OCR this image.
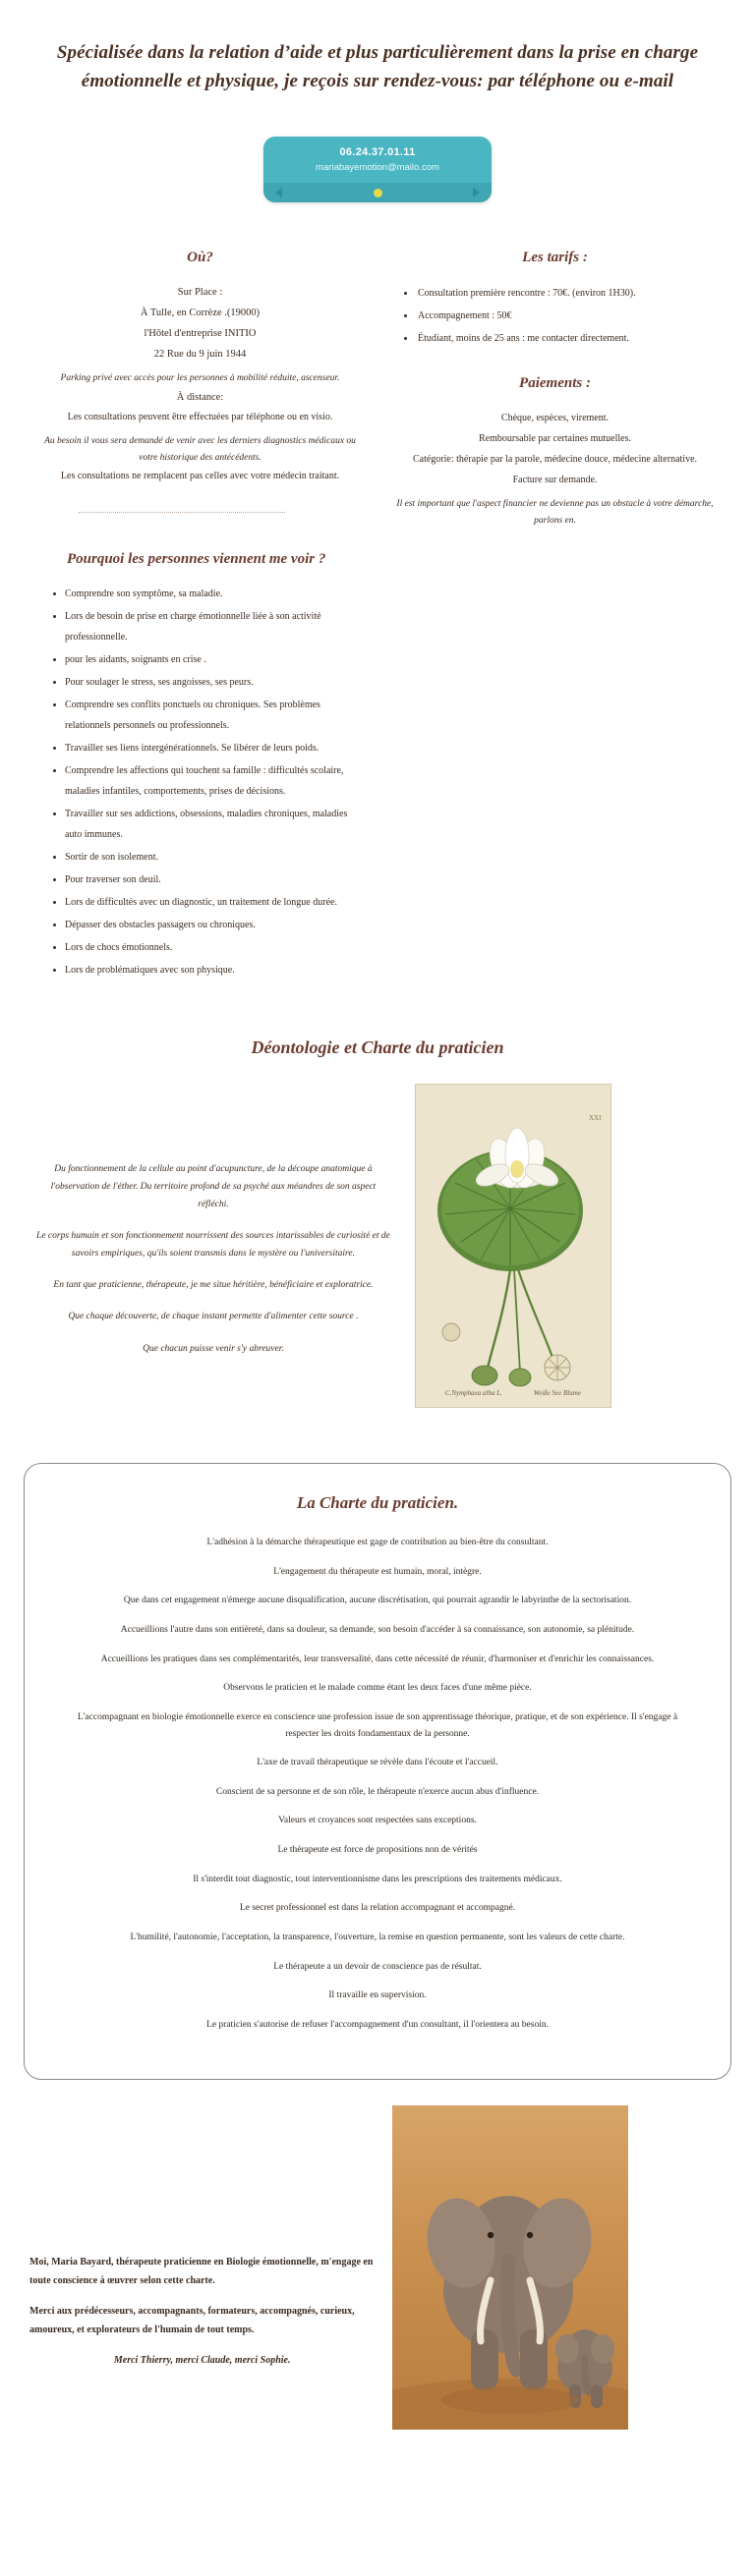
Spécialisée dans la relation d’aide et plus particulièrement dans la prise en charge émotionnelle et physique, je reçois sur rendez-vous: par téléphone ou e-mail
06.24.37.01.11
mariabayemotion@mailo.com
Où?
Sur Place :
À Tulle, en Corrèze .(19000)
l'Hôtel d'entreprise INITIO
22 Rue du 9 juin 1944
Parking privé avec accès pour les personnes à mobilité réduite, ascenseur.
À distance:
Les consultations peuvent être effectuées par téléphone ou en visio.
Au besoin il vous sera demandé de venir avec les derniers diagnostics médicaux ou votre historique des antécédents.
Les consultations ne remplacent pas celles avec votre médecin traitant.
Les tarifs :
• Consultation première rencontre : 70€. (environ 1H30).
• Accompagnement : 50€
• Étudiant, moins de 25 ans : me contacter directement.
Paiements :
Chèque, espèces, virement.
Remboursable par certaines mutuelles.
Catégorie: thérapie par la parole, médecine douce, médecine alternative.
Facture sur demande.
Il est important que l'aspect financier ne devienne pas un obstacle à votre démarche, parlons en.
Pourquoi les personnes viennent me voir ?
• Comprendre son symptôme, sa maladie.
• Lors de besoin de prise en charge émotionnelle liée à son activité professionnelle.
• pour les aidants, soignants en crise .
• Pour soulager le stress, ses angoisses, ses peurs.
• Comprendre ses conflits ponctuels ou chroniques. Ses problèmes relationnels personnels ou professionnels.
• Travailler ses liens intergénérationnels. Se libérer de leurs poids.
• Comprendre les affections qui touchent sa famille : difficultés scolaire, maladies infantiles, comportements, prises de décisions.
• Travailler sur ses addictions, obsessions, maladies chroniques, maladies auto immunes.
• Sortir de son isolement.
• Pour traverser son deuil.
• Lors de difficultés avec un diagnostic, un traitement de longue durée.
• Dépasser des obstacles passagers ou chroniques.
• Lors de chocs émotionnels.
• Lors de problématiques avec son physique.
Déontologie et Charte du praticien

Du fonctionnement de la cellule au point d'acupuncture, de la découpe anatomique à l'observation de l'éther. Du territoire profond de sa psyché aux méandres de son aspect réfléchi.

Le corps humain et son fonctionnement nourrissent des sources intarissables de curiosité et de savoirs empiriques, qu'ils soient transmis dans le mystère ou l'universitaire.

En tant que praticienne, thérapeute, je me situe héritière, bénéficiaire et exploratrice.

Que chaque découverte, de chaque instant permette d'alimenter cette source .

Que chacun puisse venir s'y abreuver.

XXI
C.Nymphaea alba L.	Weiße See Blume
La Charte du praticien.

L'adhésion à la démarche thérapeutique est gage de contribution au bien-être du consultant.

L'engagement du thérapeute est humain, moral, intègre.

Que dans cet engagement n'émerge aucune disqualification, aucune discrétisation, qui pourrait agrandir le labyrinthe de la sectorisation.

Accueillions l'autre dans son entièreté, dans sa douleur, sa demande, son besoin d'accéder à sa connaissance, son autonomie, sa plénitude.

Accueillions les pratiques dans ses complémentarités, leur transversalité, dans cette nécessité de réunir, d'harmoniser et d'enrichir les connaissances.

Observons le praticien et le malade comme étant les deux faces d'une même pièce.

L'accompagnant en biologie émotionnelle exerce en conscience une profession issue de son apprentissage théorique, pratique, et de son expérience. Il s'engage à respecter les droits fondamentaux de la personne.

L'axe de travail thérapeutique se révèle dans l'écoute et l'accueil.

Conscient de sa personne et de son rôle, le thérapeute n'exerce aucun abus d'influence.

Valeurs et croyances sont respectées sans exceptions.

Le thérapeute est force de propositions non de vérités

Il s'interdit tout diagnostic, tout interventionnisme dans les prescriptions des traitements médicaux.

Le secret professionnel est dans la relation accompagnant et accompagné.

L'humilité, l'autonomie, l'acceptation, la transparence, l'ouverture, la remise en question permanente, sont les valeurs de cette charte.

Le thérapeute a un devoir de conscience pas de résultat.

Il travaille en supervision.

Le praticien s'autorise de refuser l'accompagnement d'un consultant, il l'orientera au besoin.

Moi, Maria Bayard, thérapeute praticienne en Biologie émotionnelle, m'engage en toute conscience à œuvrer selon cette charte.

Merci aux prédécesseurs, accompagnants, formateurs, accompagnés, curieux, amoureux, et explorateurs de l'humain de tout temps.

Merci Thierry, merci Claude, merci Sophie.
